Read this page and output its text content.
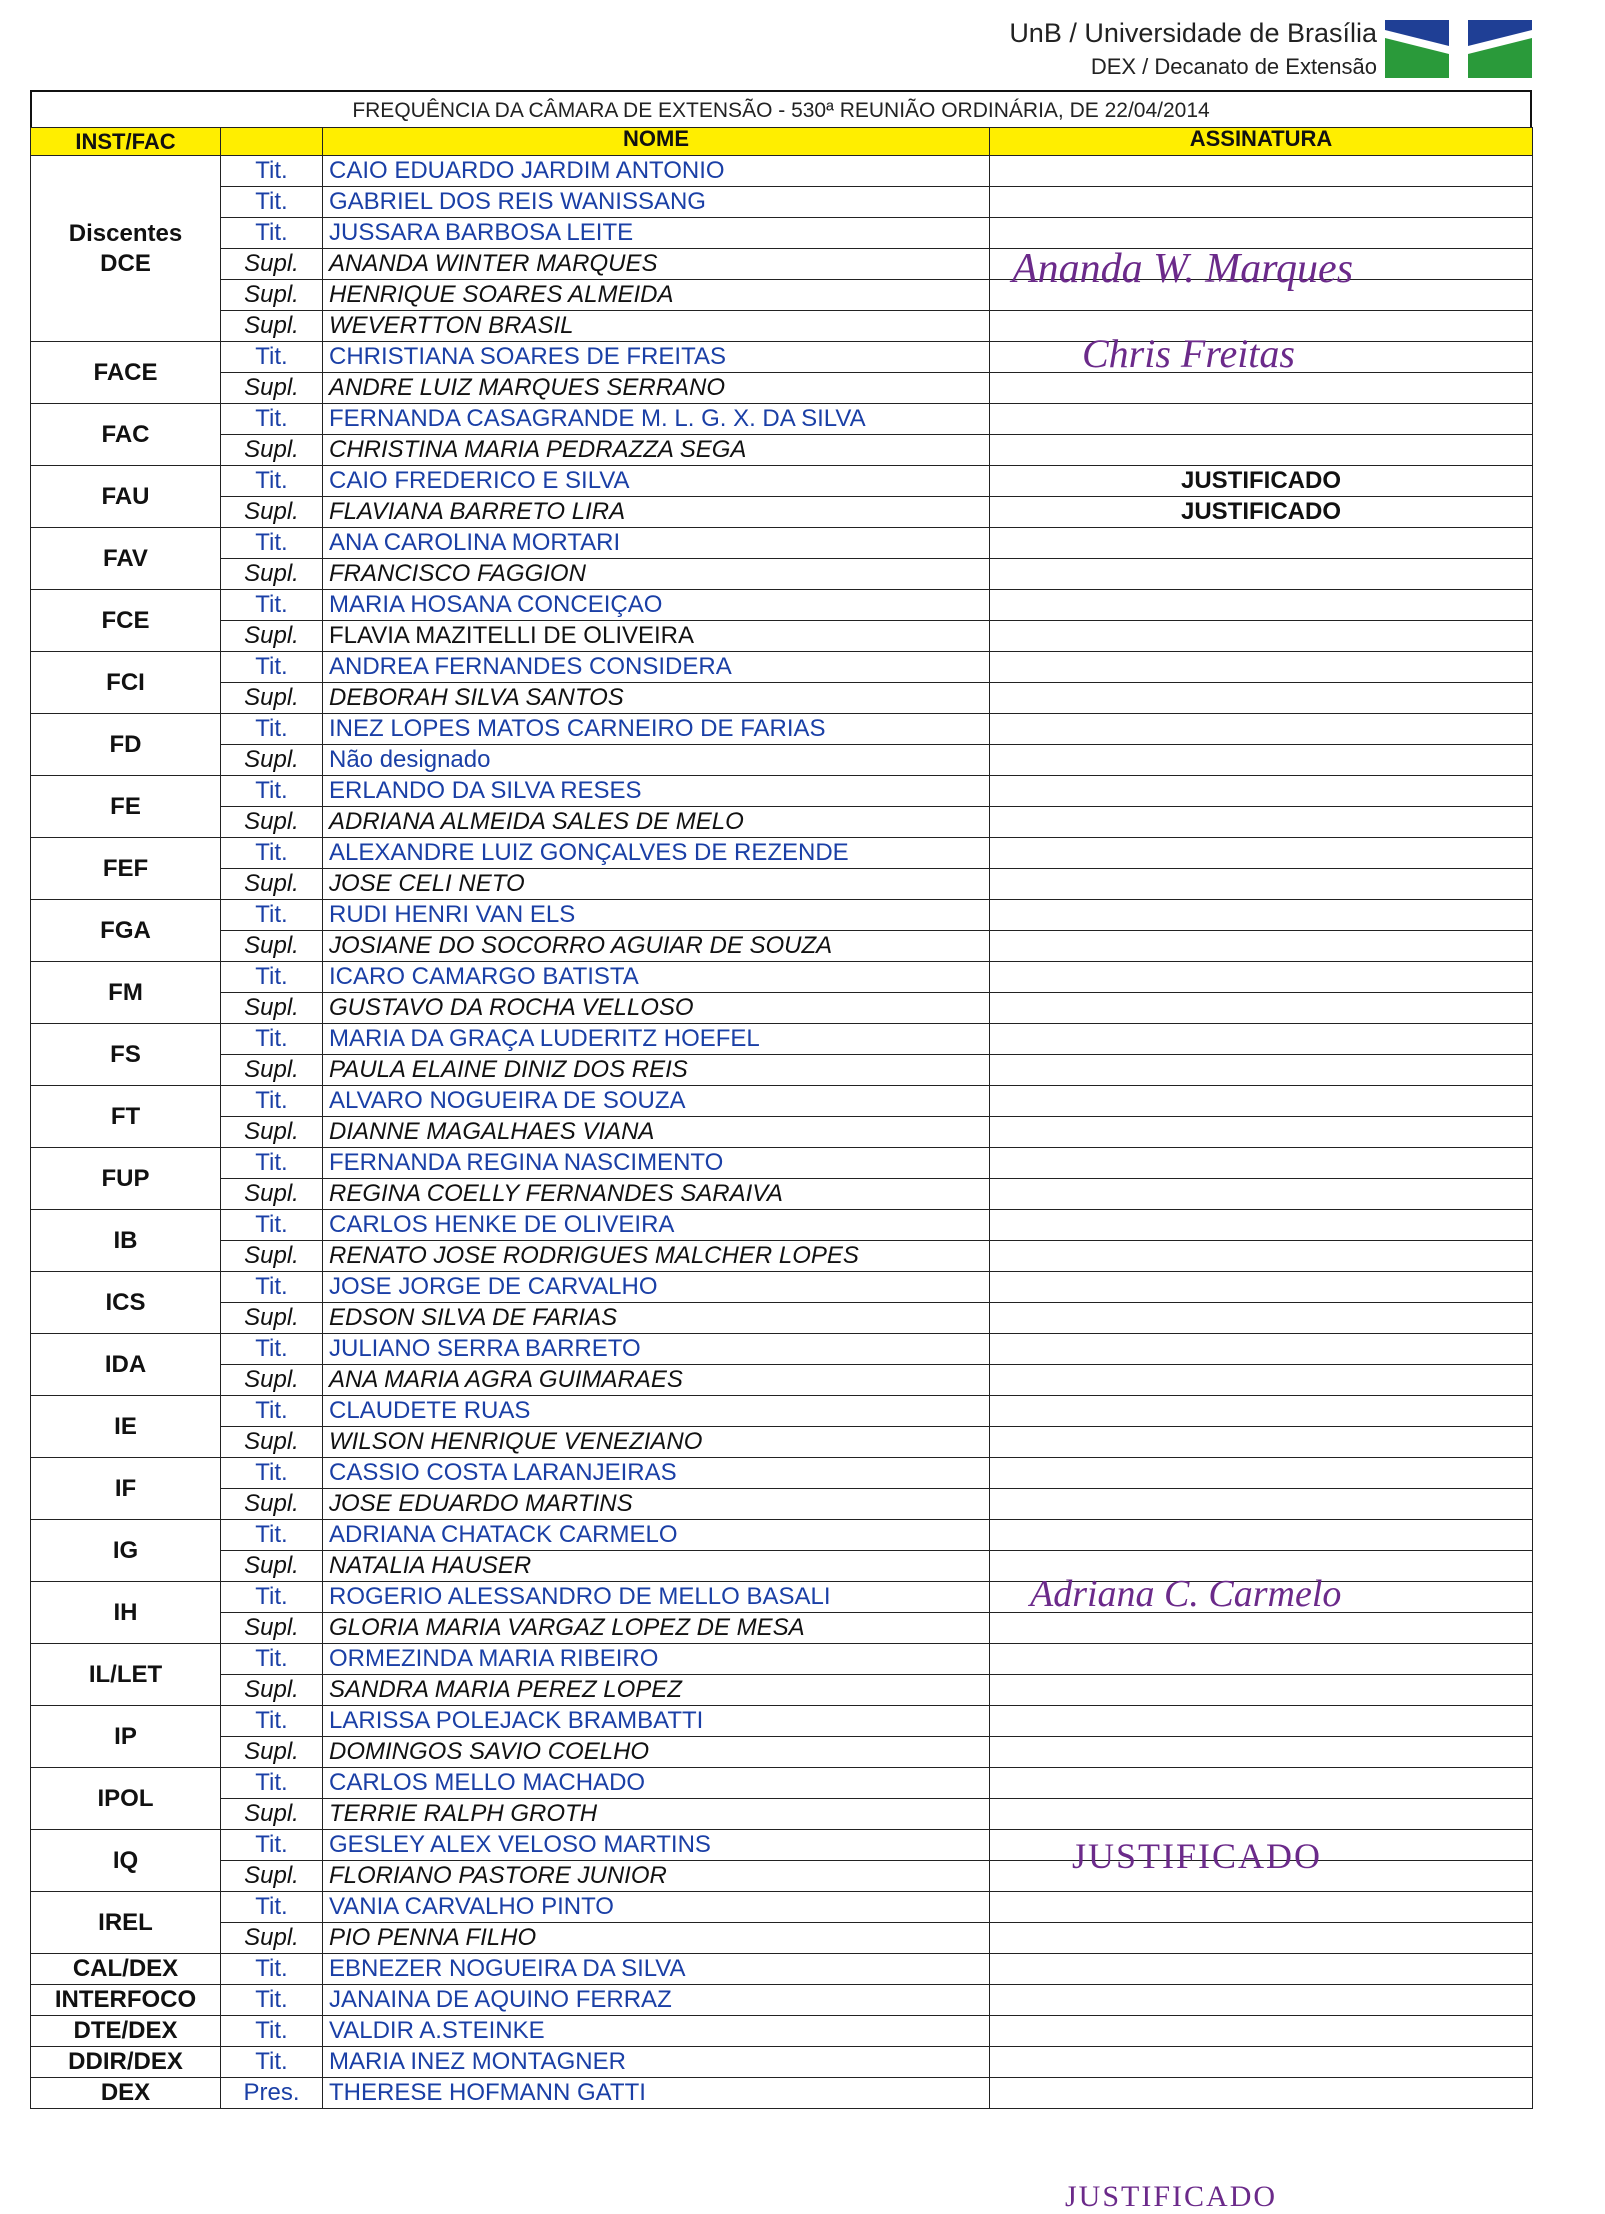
UnB / Universidade de Brasília
DEX / Decanato de Extensão
FREQUÊNCIA DA CÂMARA DE EXTENSÃO - 530ª REUNIÃO ORDINÁRIA, DE 22/04/2014
INST/FAC		NOME	ASSINATURA

Discentes
DCE	Tit.	CAIO EDUARDO JARDIM ANTONIO	
	Tit.	GABRIEL DOS REIS WANISSANG	
	Tit.	JUSSARA BARBOSA LEITE	
	Supl.	ANANDA WINTER MARQUES	
	Supl.	HENRIQUE SOARES ALMEIDA	
	Supl.	WEVERTTON BRASIL	

FACE	Tit.	CHRISTIANA SOARES DE FREITAS	
	Supl.	ANDRE LUIZ MARQUES SERRANO	

FAC	Tit.	FERNANDA CASAGRANDE M. L. G. X. DA SILVA	
	Supl.	CHRISTINA MARIA PEDRAZZA SEGA	

FAU	Tit.	CAIO FREDERICO E SILVA	JUSTIFICADO
	Supl.	FLAVIANA BARRETO LIRA	JUSTIFICADO

FAV	Tit.	ANA CAROLINA MORTARI	
	Supl.	FRANCISCO FAGGION	

FCE	Tit.	MARIA HOSANA CONCEIÇAO	
	Supl.	FLAVIA MAZITELLI DE OLIVEIRA	

FCI	Tit.	ANDREA FERNANDES CONSIDERA	
	Supl.	DEBORAH SILVA SANTOS	

FD	Tit.	INEZ LOPES MATOS CARNEIRO DE FARIAS	
	Supl.	Não designado	

FE	Tit.	ERLANDO DA SILVA RESES	
	Supl.	ADRIANA ALMEIDA SALES DE MELO	

FEF	Tit.	ALEXANDRE LUIZ GONÇALVES DE REZENDE	
	Supl.	JOSE CELI NETO	

FGA	Tit.	RUDI HENRI VAN ELS	
	Supl.	JOSIANE DO SOCORRO AGUIAR DE SOUZA	

FM	Tit.	ICARO CAMARGO BATISTA	
	Supl.	GUSTAVO DA ROCHA VELLOSO	

FS	Tit.	MARIA DA GRAÇA LUDERITZ HOEFEL	
	Supl.	PAULA ELAINE DINIZ DOS REIS	

FT	Tit.	ALVARO NOGUEIRA DE SOUZA	
	Supl.	DIANNE MAGALHAES VIANA	

FUP	Tit.	FERNANDA REGINA NASCIMENTO	
	Supl.	REGINA COELLY FERNANDES SARAIVA	

IB	Tit.	CARLOS HENKE DE OLIVEIRA	
	Supl.	RENATO JOSE RODRIGUES MALCHER LOPES	

ICS	Tit.	JOSE JORGE DE CARVALHO	
	Supl.	EDSON SILVA DE FARIAS	

IDA	Tit.	JULIANO SERRA BARRETO	
	Supl.	ANA MARIA AGRA GUIMARAES	

IE	Tit.	CLAUDETE RUAS	
	Supl.	WILSON HENRIQUE VENEZIANO	

IF	Tit.	CASSIO COSTA LARANJEIRAS	
	Supl.	JOSE EDUARDO MARTINS	

IG	Tit.	ADRIANA CHATACK CARMELO	
	Supl.	NATALIA HAUSER	

IH	Tit.	ROGERIO ALESSANDRO DE MELLO BASALI	
	Supl.	GLORIA MARIA VARGAZ LOPEZ DE MESA	

IL/LET	Tit.	ORMEZINDA MARIA RIBEIRO	
	Supl.	SANDRA MARIA PEREZ LOPEZ	

IP	Tit.	LARISSA POLEJACK BRAMBATTI	
	Supl.	DOMINGOS SAVIO COELHO	

IPOL	Tit.	CARLOS MELLO MACHADO	
	Supl.	TERRIE RALPH GROTH	

IQ	Tit.	GESLEY ALEX VELOSO MARTINS	
	Supl.	FLORIANO PASTORE JUNIOR	

IREL	Tit.	VANIA CARVALHO PINTO	
	Supl.	PIO PENNA FILHO	

CAL/DEX	Tit.	EBNEZER NOGUEIRA DA SILVA	

INTERFOCO	Tit.	JANAINA DE AQUINO FERRAZ	

DTE/DEX	Tit.	VALDIR A.STEINKE	

DDIR/DEX	Tit.	MARIA INEZ MONTAGNER	

DEX	Pres.	THERESE HOFMANN GATTI	
Ananda W. Marques
Chris Freitas
Adriana C. Carmelo
JUSTIFICADO
JUSTIFICADO
